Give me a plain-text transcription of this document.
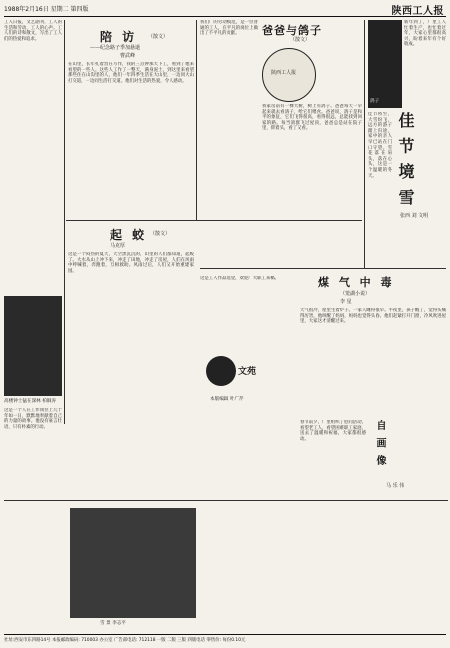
1988年2月16日 星期二 第四版	陕西工人报
工人日报，文艺副刊，工人的生活和劳动，工人的心声。工人们的诗和散文，写出了工人们的热爱和追求。	陪 访 （散文）
——纪念路子季加悬逝
曹武峰
在山里，长年扎着营在写作，我的三点钟那天下工，看到了他来看望的一些人。这些人工作了一整天，满身泥土，到这里来看望那些住在山沟里的人，他们一年四季生活在大山里，一边同大山打交道，一边同生活打交道。他们对生活的热爱，令人感动。
我们厂的劳动模范，是一位普通的工人，在平凡的岗位上做出了不平凡的贡献。	爸爸与鸽子
（散文）
陕西工人报
我家房前有一棵大树，树上有鸽子。爸爸每天一早起来就去看鸽子，给它们喂食。爸爸说，鸽子是和平的象征，它们飞得很高，看得很远，总能找到回家的路。每当鸽群飞过屋顶，爸爸总是站在院子里，仰着头，看了又看。
鸽子
新年到了，厂里工人忙着生产，也忙着过年，大家心里都很高兴，盼着来年有个好收成。
佳 节 境 雪
佳节将至，大雪纷飞，远方的游子踏上归途，家中的亲人早已站在门口守望。雪花落在肩头，落在心头，这是一个温暖的冬天。
张西 刘 文明
起 蛟 （散文）
马克厚
这是一个闷热的夏天，天空黑沉沉的，山里的人们都知道，起蛟了。大水从山上冲下来，冲走了田地，冲走了房屋，人们在风雨中呼喊着，奔跑着，互相救助。风雨过后，人们又开始重建家园。
高楼钟士猛在深林 柏铜涛
这是一个人在工作岗位上几十年如一日，默默地奉献着自己的力量的故事。他没有豪言壮语，只有朴素的行动。
文苑
本版编辑 叶广芹
煤 气 中 毒
（笼湖小说）
李 星
天气很冷，屋里生着炉子。一家人睡得很早。半夜里，孩子醒了，觉得头痛得厉害，他叫醒了妈妈，妈妈也觉得头昏。他们赶紧打开门窗，冷风吹进屋里，大家这才清醒过来。
这是工人作品选登，欢迎广大职工来稿。
自 画 像
马 乐 伟
春节前夕，厂里组织了慰问活动，看望老工人，看望困难职工家庭，送去了温暖和祝福，大家都很感动。
雪 景 李志平
社址:西安市东四路14号 本报邮政编码: 710003 办公室 广告部电话: 712118 一版 二版 三版 四版电话 零售价: 每份0.10元
